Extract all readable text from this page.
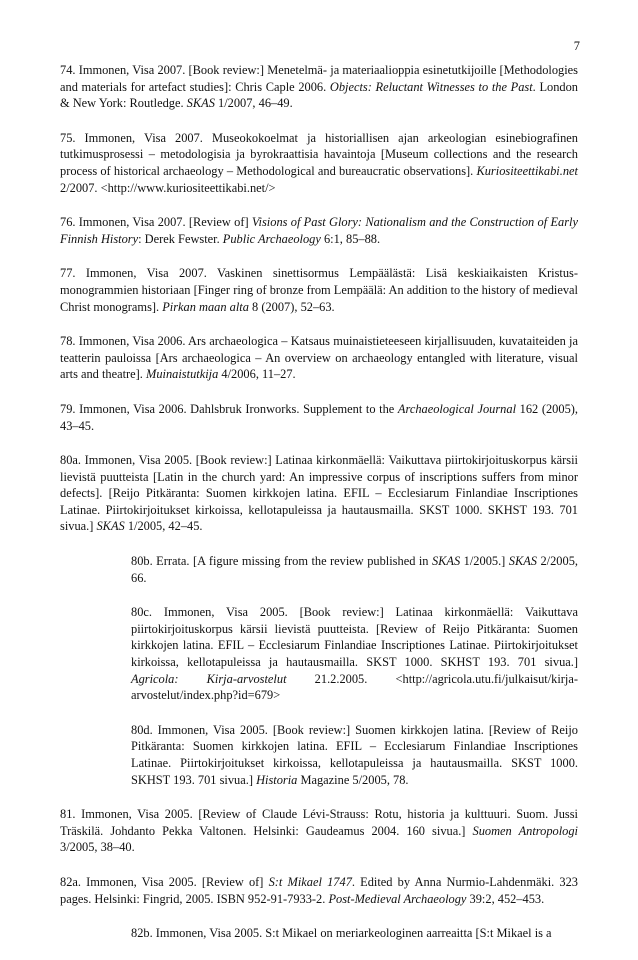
7

74. Immonen, Visa 2007. [Book review:] Menetelmä- ja materiaalioppia esinetutkijoille [Methodologies and materials for artefact studies]: Chris Caple 2006. Objects: Reluctant Witnesses to the Past. London & New York: Routledge. SKAS 1/2007, 46–49.

75. Immonen, Visa 2007. Museokokoelmat ja historiallisen ajan arkeologian esinebiografinen tutkimusprosessi – metodologisia ja byrokraattisia havaintoja [Museum collections and the research process of historical archaeology – Methodological and bureaucratic observations]. Kuriositeettikabi.net 2/2007. <http://www.kuriositeettikabi.net/>

76. Immonen, Visa 2007. [Review of] Visions of Past Glory: Nationalism and the Construction of Early Finnish History: Derek Fewster. Public Archaeology 6:1, 85–88.

77. Immonen, Visa 2007. Vaskinen sinettisormus Lempäälästä: Lisä keskiaikaisten Kristus-monogrammien historiaan [Finger ring of bronze from Lempäälä: An addition to the history of medieval Christ monograms]. Pirkan maan alta 8 (2007), 52–63.

78. Immonen, Visa 2006. Ars archaeologica – Katsaus muinaistieteeseen kirjallisuuden, kuvataiteiden ja teatterin pauloissa [Ars archaeologica – An overview on archaeology entangled with literature, visual arts and theatre]. Muinaistutkija 4/2006, 11–27.

79. Immonen, Visa 2006. Dahlsbruk Ironworks. Supplement to the Archaeological Journal 162 (2005), 43–45.

80a. Immonen, Visa 2005. [Book review:] Latinaa kirkonmäellä: Vaikuttava piirtokirjoituskorpus kärsii lievistä puutteista [Latin in the church yard: An impressive corpus of inscriptions suffers from minor defects]. [Reijo Pitkäranta: Suomen kirkkojen latina. EFIL – Ecclesiarum Finlandiae Inscriptiones Latinae. Piirtokirjoitukset kirkoissa, kellotapuleissa ja hautausmailla. SKST 1000. SKHST 193. 701 sivua.] SKAS 1/2005, 42–45.

80b. Errata. [A figure missing from the review published in SKAS 1/2005.] SKAS 2/2005, 66.

80c. Immonen, Visa 2005. [Book review:] Latinaa kirkonmäellä: Vaikuttava piirtokirjoituskorpus kärsii lievistä puutteista. [Review of Reijo Pitkäranta: Suomen kirkkojen latina. EFIL – Ecclesiarum Finlandiae Inscriptiones Latinae. Piirtokirjoitukset kirkoissa, kellotapuleissa ja hautausmailla. SKST 1000. SKHST 193. 701 sivua.] Agricola: Kirja-arvostelut 21.2.2005. <http://agricola.utu.fi/julkaisut/kirja-arvostelut/index.php?id=679>

80d. Immonen, Visa 2005. [Book review:] Suomen kirkkojen latina. [Review of Reijo Pitkäranta: Suomen kirkkojen latina. EFIL – Ecclesiarum Finlandiae Inscriptiones Latinae. Piirtokirjoitukset kirkoissa, kellotapuleissa ja hautausmailla. SKST 1000. SKHST 193. 701 sivua.] Historia Magazine 5/2005, 78.

81. Immonen, Visa 2005. [Review of Claude Lévi-Strauss: Rotu, historia ja kulttuuri. Suom. Jussi Träskilä. Johdanto Pekka Valtonen. Helsinki: Gaudeamus 2004. 160 sivua.] Suomen Antropologi 3/2005, 38–40.

82a. Immonen, Visa 2005. [Review of] S:t Mikael 1747. Edited by Anna Nurmio-Lahdenmäki. 323 pages. Helsinki: Fingrid, 2005. ISBN 952-91-7933-2. Post-Medieval Archaeology 39:2, 452–453.

82b. Immonen, Visa 2005. S:t Mikael on meriarkeologinen aarreaitta [S:t Mikael is a
